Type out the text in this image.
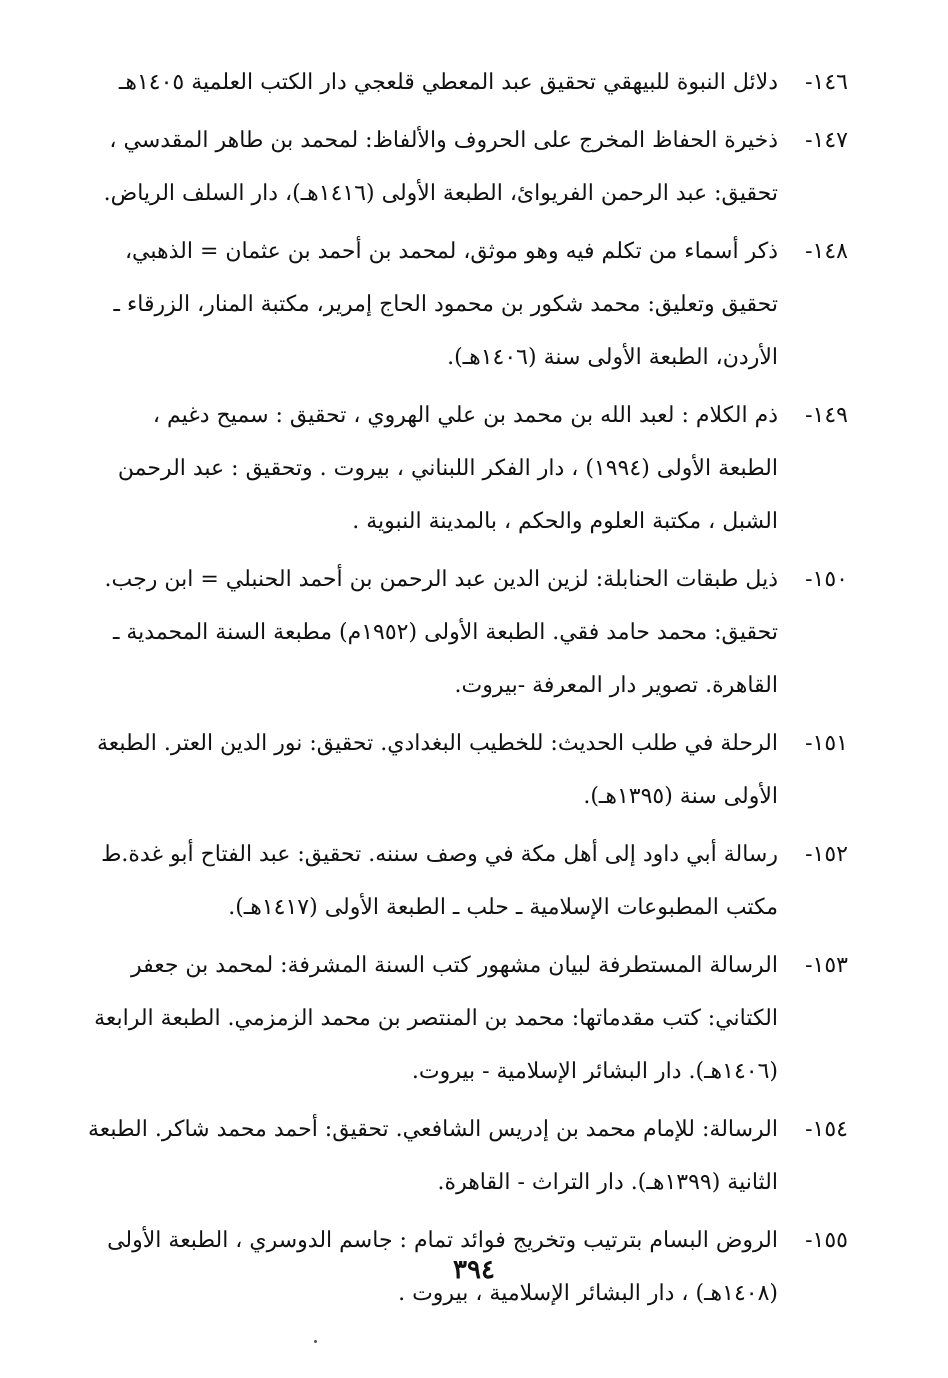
١٤٦-
دلائل النبوة للبيهقي تحقيق عبد المعطي قلعجي دار الكتب العلمية ١٤٠٥هـ
١٤٧-
ذخيرة الحفاظ المخرج على الحروف والألفاظ: لمحمد بن طاهر المقدسي ،
تحقيق: عبد الرحمن الفريوائ، الطبعة الأولى (١٤١٦هـ)، دار السلف الرياض.
١٤٨-
ذكر أسماء من تكلم فيه وهو موثق، لمحمد بن أحمد بن عثمان = الذهبي،
تحقيق وتعليق: محمد شكور بن محمود الحاج إمرير، مكتبة المنار، الزرقاء ـ
الأردن، الطبعة الأولى سنة (١٤٠٦هـ).
١٤٩-
ذم الكلام : لعبد الله بن محمد بن علي الهروي ، تحقيق : سميح دغيم ،
الطبعة الأولى (١٩٩٤) ، دار الفكر اللبناني ، بيروت . وتحقيق : عبد الرحمن
الشبل ، مكتبة العلوم والحكم ، بالمدينة النبوية .
١٥٠-
ذيل طبقات الحنابلة: لزين الدين عبد الرحمن بن أحمد الحنبلي = ابن رجب.
تحقيق: محمد حامد فقي. الطبعة الأولى (١٩٥٢م) مطبعة السنة المحمدية ـ
القاهرة. تصوير دار المعرفة -بيروت.
١٥١-
الرحلة في طلب الحديث: للخطيب البغدادي. تحقيق: نور الدين العتر. الطبعة
الأولى سنة (١٣٩٥هـ).
١٥٢-
رسالة أبي داود إلى أهل مكة في وصف سننه. تحقيق: عبد الفتاح أبو غدة.ط
مكتب المطبوعات الإسلامية ـ حلب ـ الطبعة الأولى (١٤١٧هـ).
١٥٣-
الرسالة المستطرفة لبيان مشهور كتب السنة المشرفة: لمحمد بن جعفر
الكتاني: كتب مقدماتها: محمد بن المنتصر بن محمد الزمزمي. الطبعة الرابعة
(١٤٠٦هـ). دار البشائر الإسلامية - بيروت.
١٥٤-
الرسالة: للإمام محمد بن إدريس الشافعي. تحقيق: أحمد محمد شاكر. الطبعة
الثانية (١٣٩٩هـ). دار التراث - القاهرة.
١٥٥-
الروض البسام بترتيب وتخريج فوائد تمام : جاسم الدوسري ، الطبعة الأولى
(١٤٠٨هـ) ، دار البشائر الإسلامية ، بيروت .
٣٩٤
